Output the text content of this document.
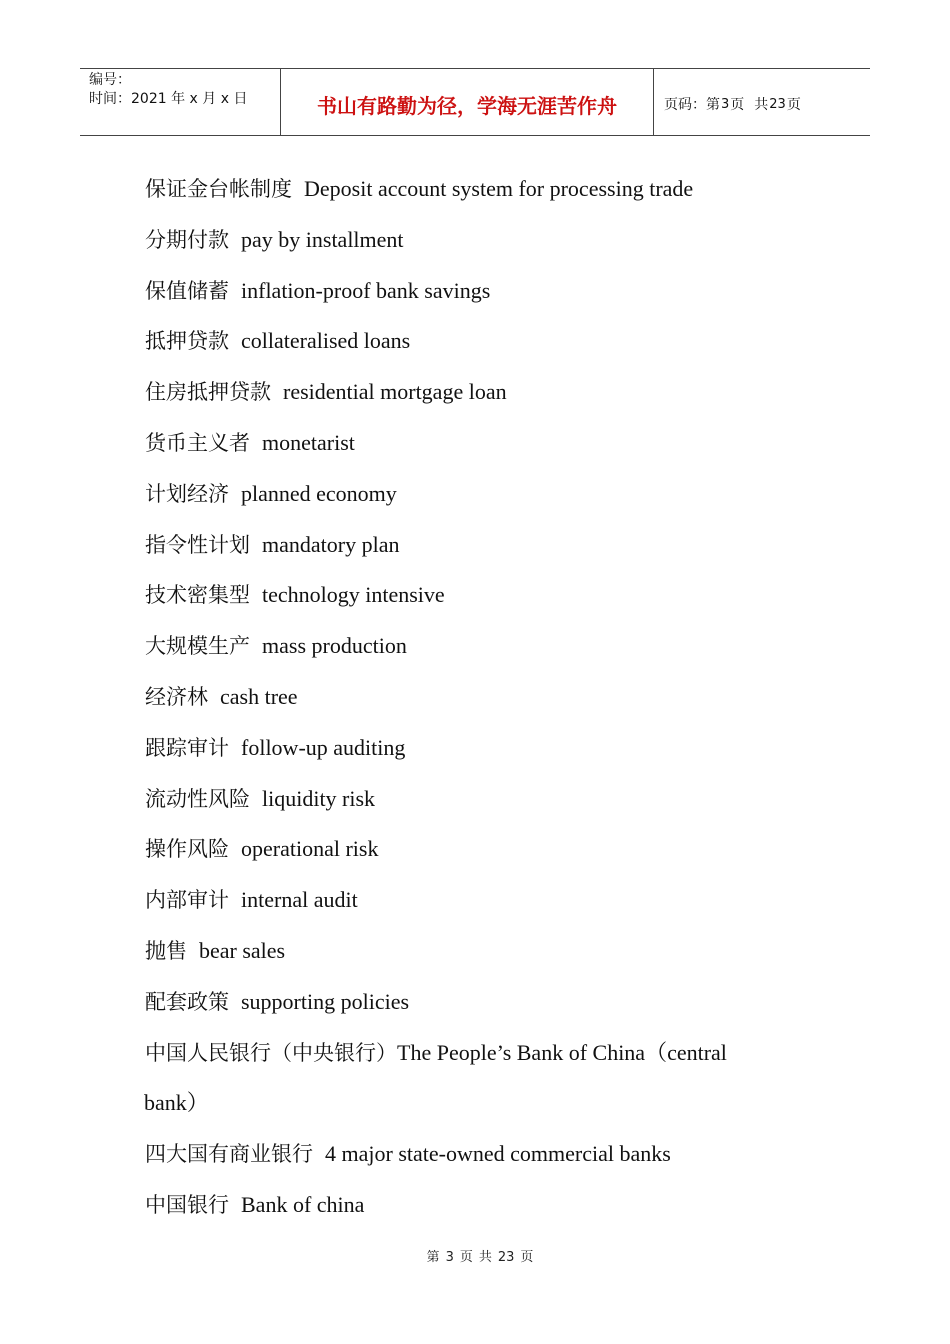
编号：
时间：2021 年 x 月 x 日	书山有路勤为径，学海无涯苦作舟	页码：第 3 页 共 23 页
保证金台帐制度 Deposit account system for processing trade
分期付款 pay by installment
保值储蓄 inflation-proof bank savings
抵押贷款 collateralised loans
住房抵押贷款 residential mortgage loan
货币主义者 monetarist
计划经济 planned economy
指令性计划 mandatory plan
技术密集型 technology intensive
大规模生产 mass production
经济林 cash tree
跟踪审计 follow-up auditing
流动性风险 liquidity risk
操作风险 operational risk
内部审计 internal audit
抛售 bear sales
配套政策 supporting policies
中国人民银行（中央银行）The People’s Bank of China（central
bank）
四大国有商业银行 4 major state-owned commercial banks
中国银行 Bank of china
第 3 页 共 23 页
